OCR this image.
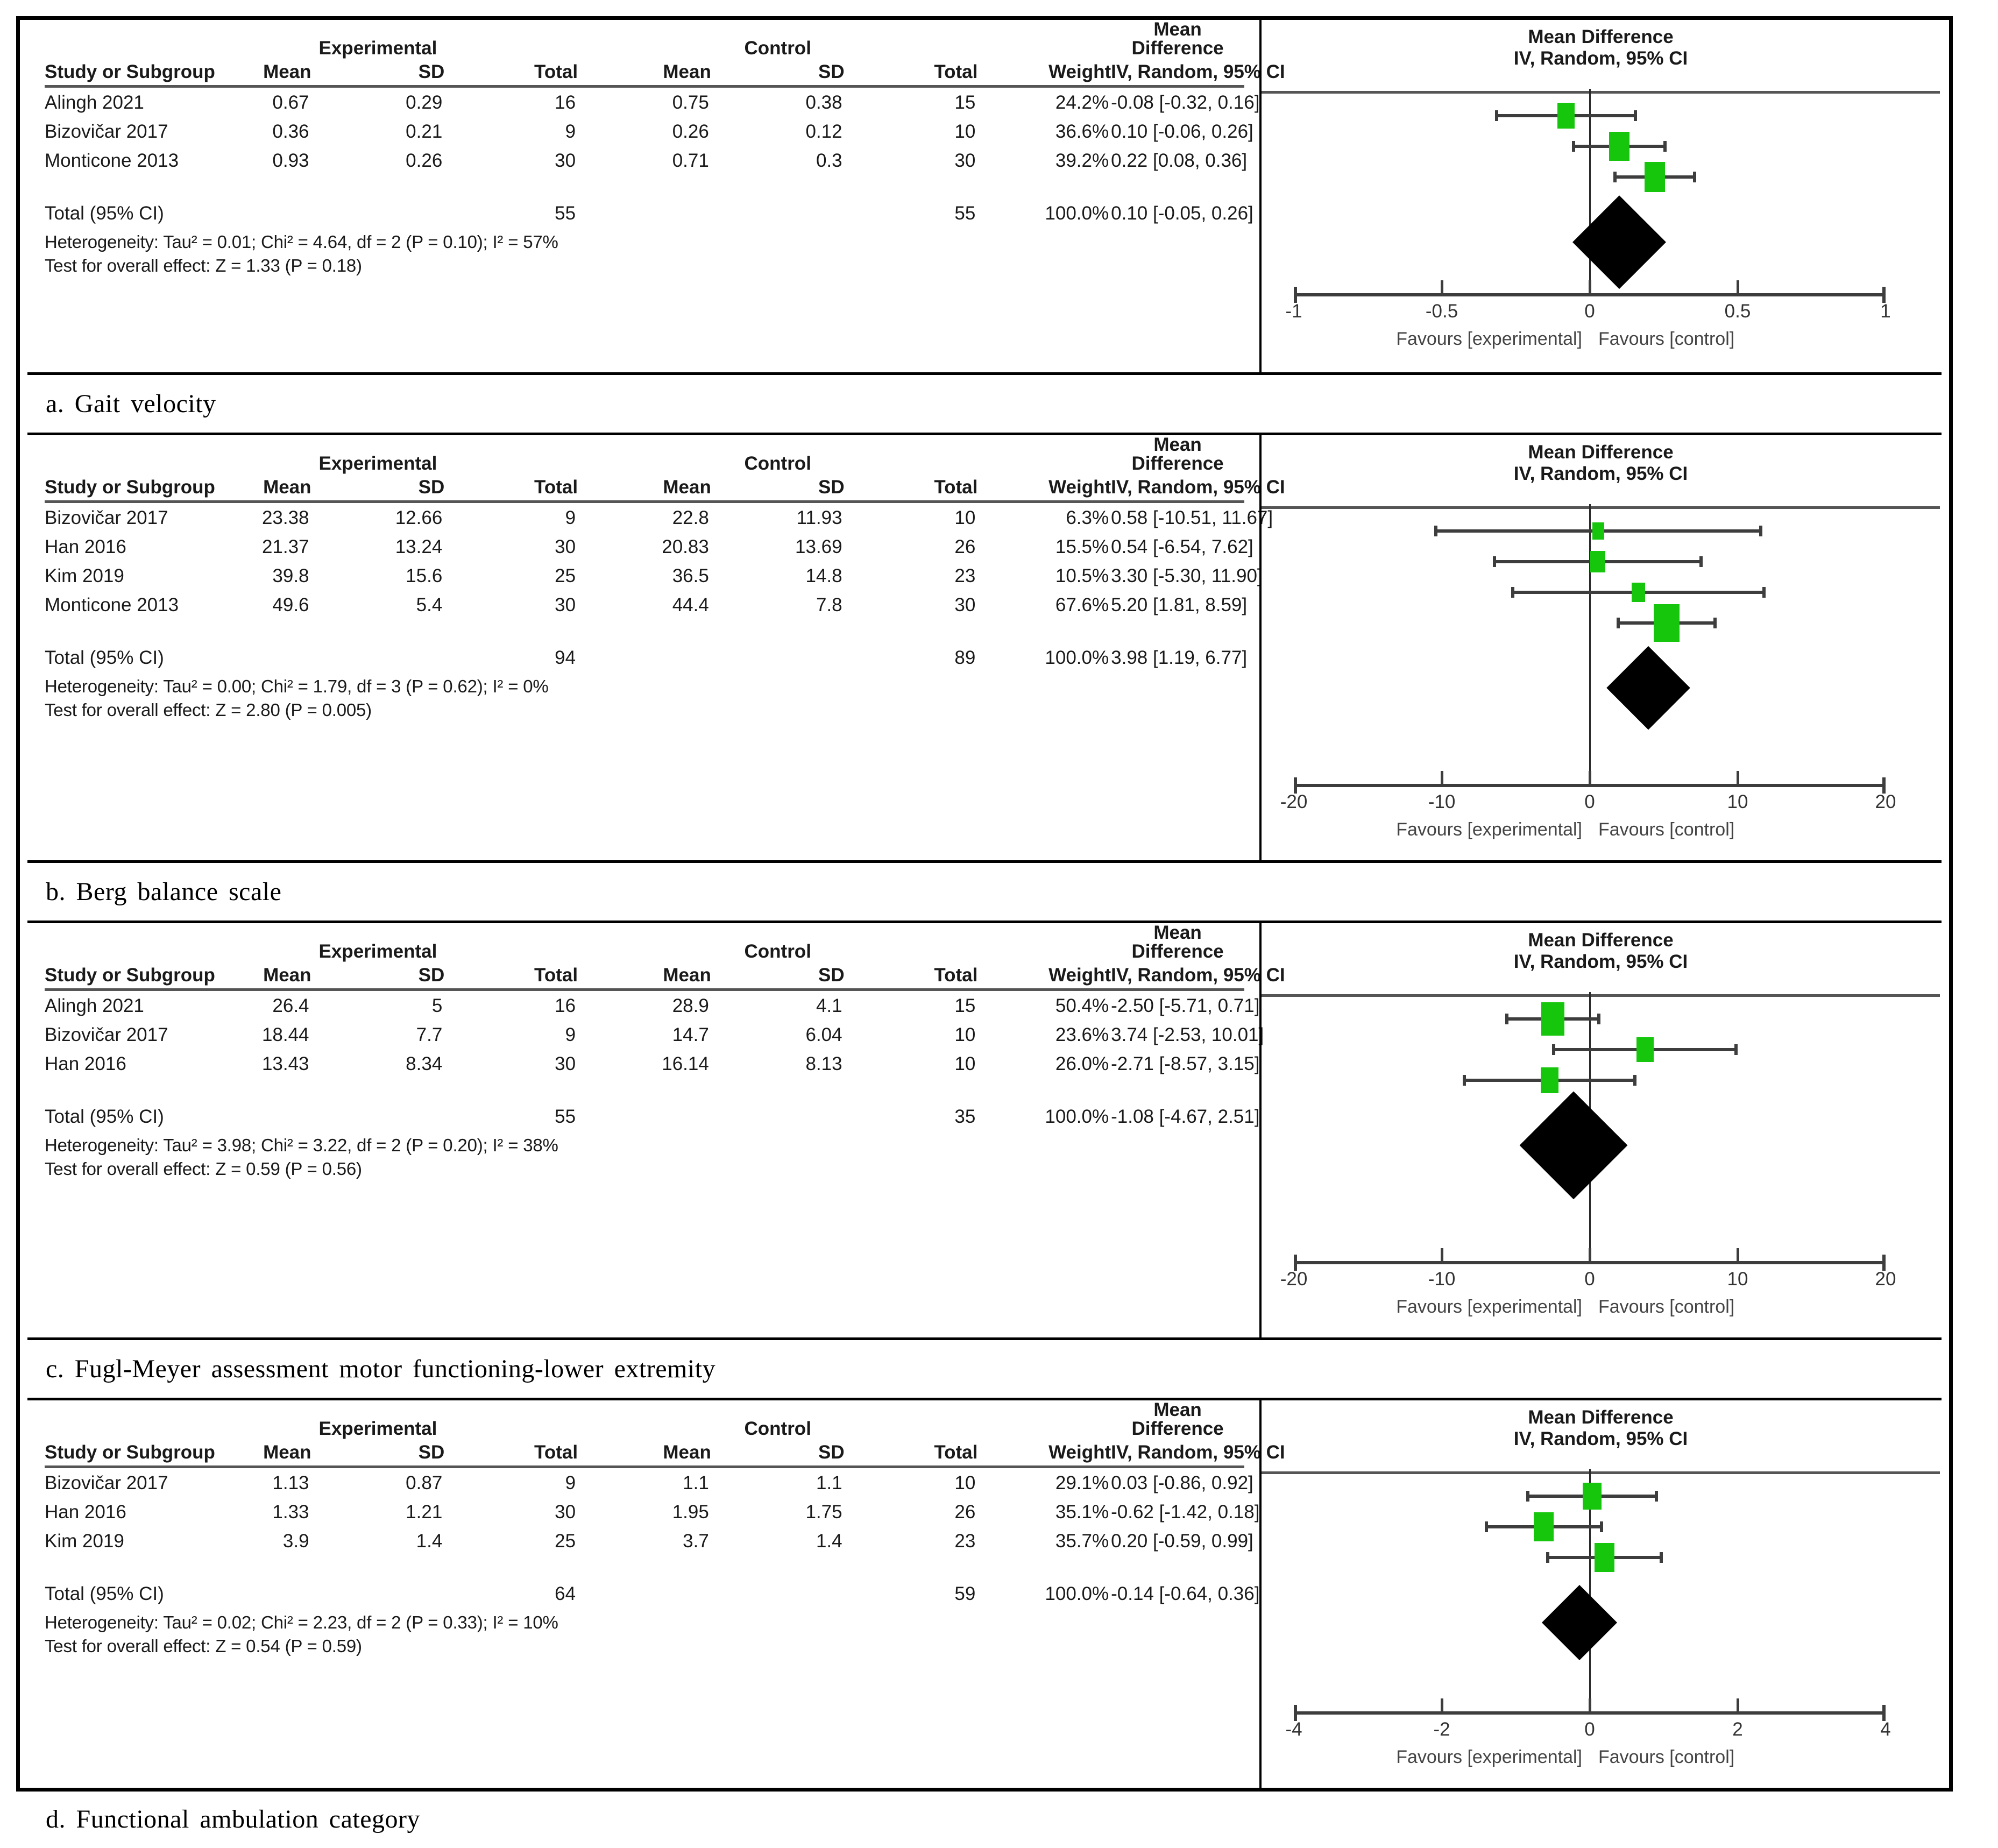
	Experimental			Control				Mean Difference
Study or Subgroup	Mean	SD	Total	Mean	SD	Total	Weight	IV, Random, 95% CI

Alingh 2021	0.67	0.29	16	0.75	0.38	15	24.2%	-0.08 [-0.32, 0.16]
Bizovičar 2017	0.36	0.21	9	0.26	0.12	10	36.6%	0.10 [-0.06, 0.26]
Monticone 2013	0.93	0.26	30	0.71	0.3	30	39.2%	0.22 [0.08, 0.36]

Total (95% CI)			55			55	100.0%	0.10 [-0.05, 0.26]
Heterogeneity: Tau² = 0.01; Chi² = 4.64, df = 2 (P = 0.10); I² = 57%
Test for overall effect: Z = 1.33 (P = 0.18)
Mean Difference
IV, Random, 95% CI
-1	-0.5	0	0.5	1
Favours [experimental] Favours [control]
a. Gait velocity
	Experimental			Control				Mean Difference
Study or Subgroup	Mean	SD	Total	Mean	SD	Total	Weight	IV, Random, 95% CI

Bizovičar 2017	23.38	12.66	9	22.8	11.93	10	6.3%	0.58 [-10.51, 11.67]
Han 2016	21.37	13.24	30	20.83	13.69	26	15.5%	0.54 [-6.54, 7.62]
Kim 2019	39.8	15.6	25	36.5	14.8	23	10.5%	3.30 [-5.30, 11.90]
Monticone 2013	49.6	5.4	30	44.4	7.8	30	67.6%	5.20 [1.81, 8.59]

Total (95% CI)			94			89	100.0%	3.98 [1.19, 6.77]
Heterogeneity: Tau² = 0.00; Chi² = 1.79, df = 3 (P = 0.62); I² = 0%
Test for overall effect: Z = 2.80 (P = 0.005)
Mean Difference
IV, Random, 95% CI
-20	-10	0	10	20
Favours [experimental] Favours [control]
b. Berg balance scale
	Experimental			Control				Mean Difference
Study or Subgroup	Mean	SD	Total	Mean	SD	Total	Weight	IV, Random, 95% CI

Alingh 2021	26.4	5	16	28.9	4.1	15	50.4%	-2.50 [-5.71, 0.71]
Bizovičar 2017	18.44	7.7	9	14.7	6.04	10	23.6%	3.74 [-2.53, 10.01]
Han 2016	13.43	8.34	30	16.14	8.13	10	26.0%	-2.71 [-8.57, 3.15]

Total (95% CI)			55			35	100.0%	-1.08 [-4.67, 2.51]
Heterogeneity: Tau² = 3.98; Chi² = 3.22, df = 2 (P = 0.20); I² = 38%
Test for overall effect: Z = 0.59 (P = 0.56)
Mean Difference
IV, Random, 95% CI
-20	-10	0	10	20
Favours [experimental] Favours [control]
c. Fugl-Meyer assessment motor functioning-lower extremity
	Experimental			Control				Mean Difference
Study or Subgroup	Mean	SD	Total	Mean	SD	Total	Weight	IV, Random, 95% CI

Bizovičar 2017	1.13	0.87	9	1.1	1.1	10	29.1%	0.03 [-0.86, 0.92]
Han 2016	1.33	1.21	30	1.95	1.75	26	35.1%	-0.62 [-1.42, 0.18]
Kim 2019	3.9	1.4	25	3.7	1.4	23	35.7%	0.20 [-0.59, 0.99]

Total (95% CI)			64			59	100.0%	-0.14 [-0.64, 0.36]
Heterogeneity: Tau² = 0.02; Chi² = 2.23, df = 2 (P = 0.33); I² = 10%
Test for overall effect: Z = 0.54 (P = 0.59)
Mean Difference
IV, Random, 95% CI
-4	-2	0	2	4
Favours [experimental] Favours [control]
d. Functional ambulation category
